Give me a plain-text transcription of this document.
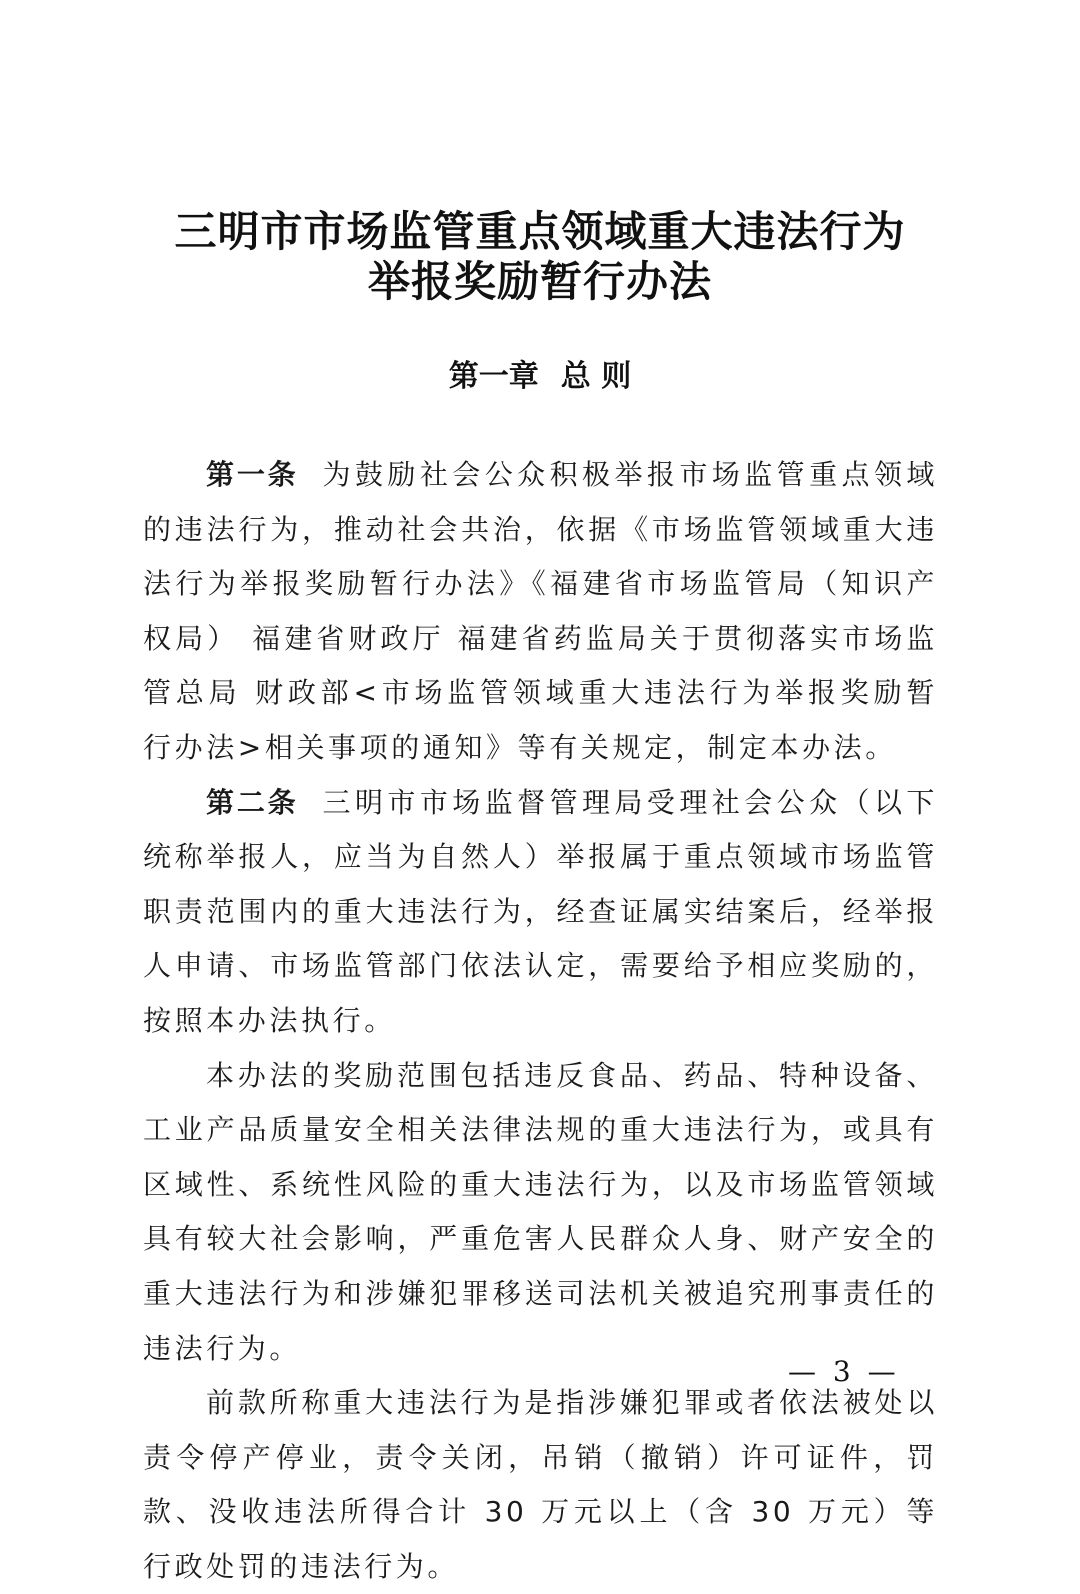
三明市市场监管重点领域重大违法行为
举报奖励暂行办法
第一章 总 则

第一条 为鼓励社会公众积极举报市场监管重点领域的违法行为，推动社会共治，依据《市场监管领域重大违法行为举报奖励暂行办法》《福建省市场监管局（知识产权局） 福建省财政厅 福建省药监局关于贯彻落实市场监管总局 财政部<市场监管领域重大违法行为举报奖励暂行办法>相关事项的通知》等有关规定，制定本办法。

第二条 三明市市场监督管理局受理社会公众（以下统称举报人，应当为自然人）举报属于重点领域市场监管职责范围内的重大违法行为，经查证属实结案后，经举报人申请、市场监管部门依法认定，需要给予相应奖励的，按照本办法执行。

本办法的奖励范围包括违反食品、药品、特种设备、工业产品质量安全相关法律法规的重大违法行为，或具有区域性、系统性风险的重大违法行为，以及市场监管领域具有较大社会影响，严重危害人民群众人身、财产安全的重大违法行为和涉嫌犯罪移送司法机关被追究刑事责任的违法行为。

前款所称重大违法行为是指涉嫌犯罪或者依法被处以责令停产停业，责令关闭，吊销（撤销）许可证件，罚款、没收违法所得合计 30 万元以上（含 30 万元）等行政处罚的违法行为。

— 3 —
